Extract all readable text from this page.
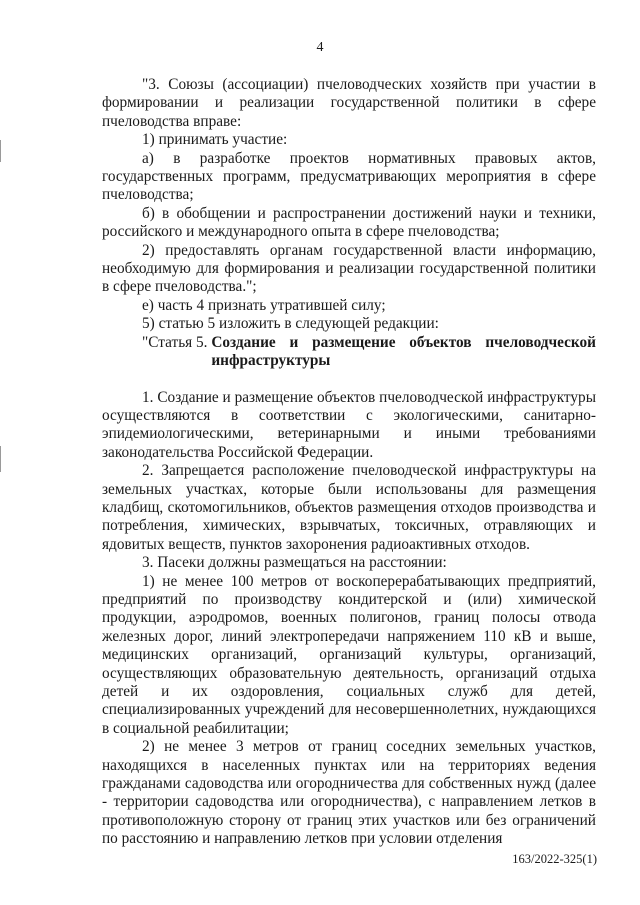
4

"3. Союзы (ассоциации) пчеловодческих хозяйств при участии в формировании и реализации государственной политики в сфере пчеловодства вправе:

1) принимать участие:

а) в разработке проектов нормативных правовых актов, государственных программ, предусматривающих мероприятия в сфере пчеловодства;

б) в обобщении и распространении достижений науки и техники, российского и международного опыта в сфере пчеловодства;

2) предоставлять органам государственной власти информацию, необходимую для формирования и реализации государственной политики в сфере пчеловодства.";

е) часть 4 признать утратившей силу;

5) статью 5 изложить в следующей редакции:

"Статья 5. Создание и размещение объектов пчеловодческой инфраструктуры

1. Создание и размещение объектов пчеловодческой инфраструктуры осуществляются в соответствии с экологическими, санитарно-эпидемиологическими, ветеринарными и иными требованиями законодательства Российской Федерации.

2. Запрещается расположение пчеловодческой инфраструктуры на земельных участках, которые были использованы для размещения кладбищ, скотомогильников, объектов размещения отходов производства и потребления, химических, взрывчатых, токсичных, отравляющих и ядовитых веществ, пунктов захоронения радиоактивных отходов.

3. Пасеки должны размещаться на расстоянии:

1) не менее 100 метров от воскоперерабатывающих предприятий, предприятий по производству кондитерской и (или) химической продукции, аэродромов, военных полигонов, границ полосы отвода железных дорог, линий электропередачи напряжением 110 кВ и выше, медицинских организаций, организаций культуры, организаций, осуществляющих образовательную деятельность, организаций отдыха детей и их оздоровления, социальных служб для детей, специализированных учреждений для несовершеннолетних, нуждающихся в социальной реабилитации;

2) не менее 3 метров от границ соседних земельных участков, находящихся в населенных пунктах или на территориях ведения гражданами садоводства или огородничества для собственных нужд (далее - территории садоводства или огородничества), с направлением летков в противоположную сторону от границ этих участков или без ограничений по расстоянию и направлению летков при условии отделения

163/2022-325(1)
